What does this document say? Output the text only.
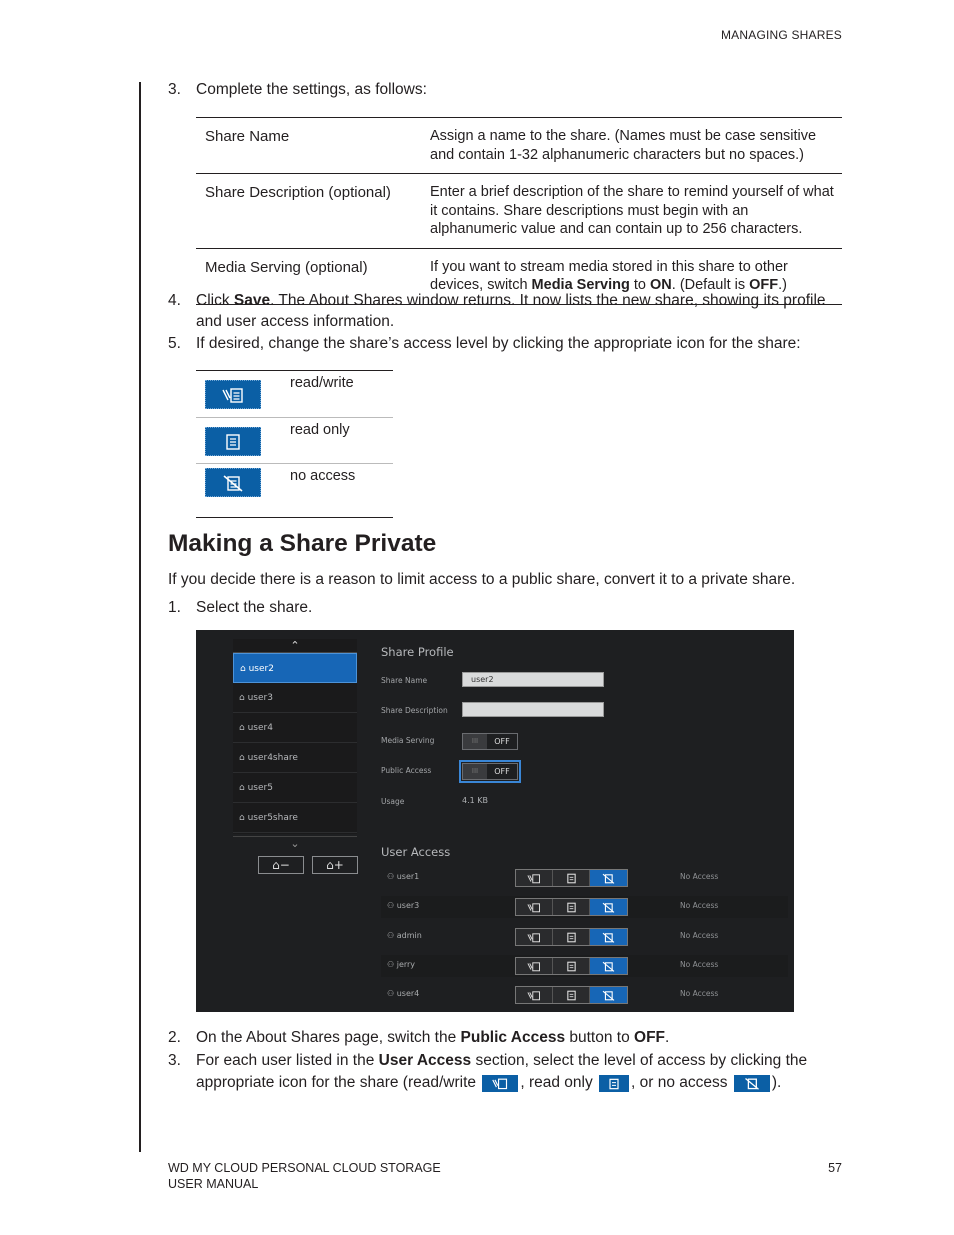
MANAGING SHARES
3. Complete the settings, as follows:
Share Name	Assign a name to the share. (Names must be case sensitive and contain 1-32 alphanumeric characters but no spaces.)
Share Description (optional)	Enter a brief description of the share to remind yourself of what it contains. Share descriptions must begin with an alphanumeric value and can contain up to 256 characters.
Media Serving (optional)	If you want to stream media stored in this share to other devices, switch Media Serving to ON. (Default is OFF.)
4. Click Save. The About Shares window returns. It now lists the new share, showing its profile and user access information.
5. If desired, change the share’s access level by clicking the appropriate icon for the share:
read/write
read only
no access
Making a Share Private
If you decide there is a reason to limit access to a public share, convert it to a private share.
1. Select the share.
⌃
⌂ user2
⌂ user3
⌂ user4
⌂ user4share
⌂ user5
⌂ user5share
⌄
⌂−	⌂+
Share Profile
Share Name	user2
Share Description
Media Serving	III	OFF
Public Access	III	OFF
Usage	4.1 KB
User Access
⚇ user1	No Access
⚇ user3	No Access
⚇ admin	No Access
⚇ jerry	No Access
⚇ user4	No Access
2. On the About Shares page, switch the Public Access button to OFF.
3. For each user listed in the User Access section, select the level of access by clicking the appropriate icon for the share (read/write	, read only
, or no access	).
WD MY CLOUD PERSONAL CLOUD STORAGE
USER MANUAL
57
